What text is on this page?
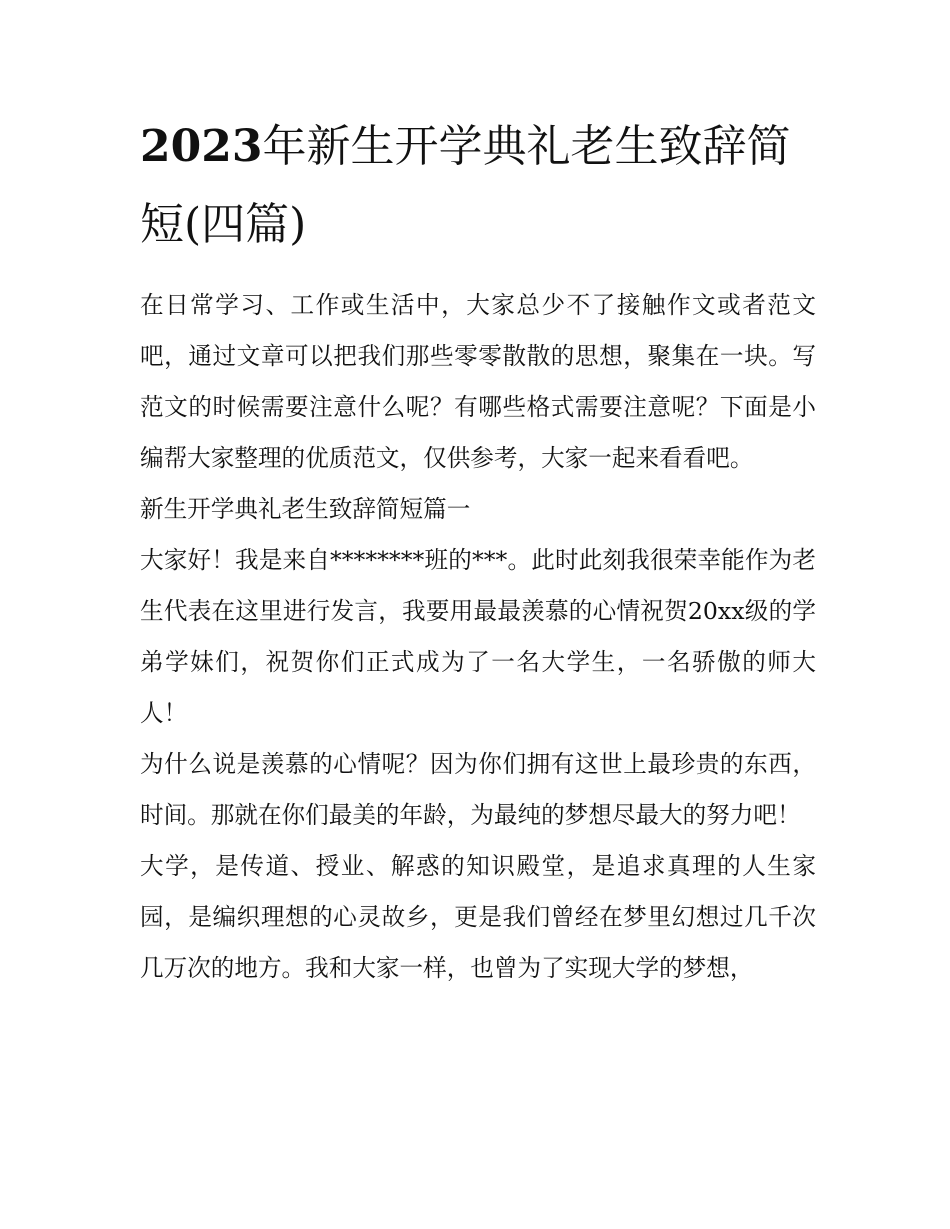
2023年新生开学典礼老生致辞简短(四篇)

在日常学习、工作或生活中，大家总少不了接触作文或者范文吧，通过文章可以把我们那些零零散散的思想，聚集在一块。写范文的时候需要注意什么呢？有哪些格式需要注意呢？下面是小编帮大家整理的优质范文，仅供参考，大家一起来看看吧。

新生开学典礼老生致辞简短篇一

大家好！我是来自********班的***。此时此刻我很荣幸能作为老生代表在这里进行发言，我要用最最羡慕的心情祝贺20xx级的学弟学妹们，祝贺你们正式成为了一名大学生，一名骄傲的师大人！

为什么说是羡慕的心情呢？因为你们拥有这世上最珍贵的东西，时间。那就在你们最美的年龄，为最纯的梦想尽最大的努力吧！

大学，是传道、授业、解惑的知识殿堂，是追求真理的人生家园，是编织理想的心灵故乡，更是我们曾经在梦里幻想过几千次几万次的地方。我和大家一样，也曾为了实现大学的梦想，
